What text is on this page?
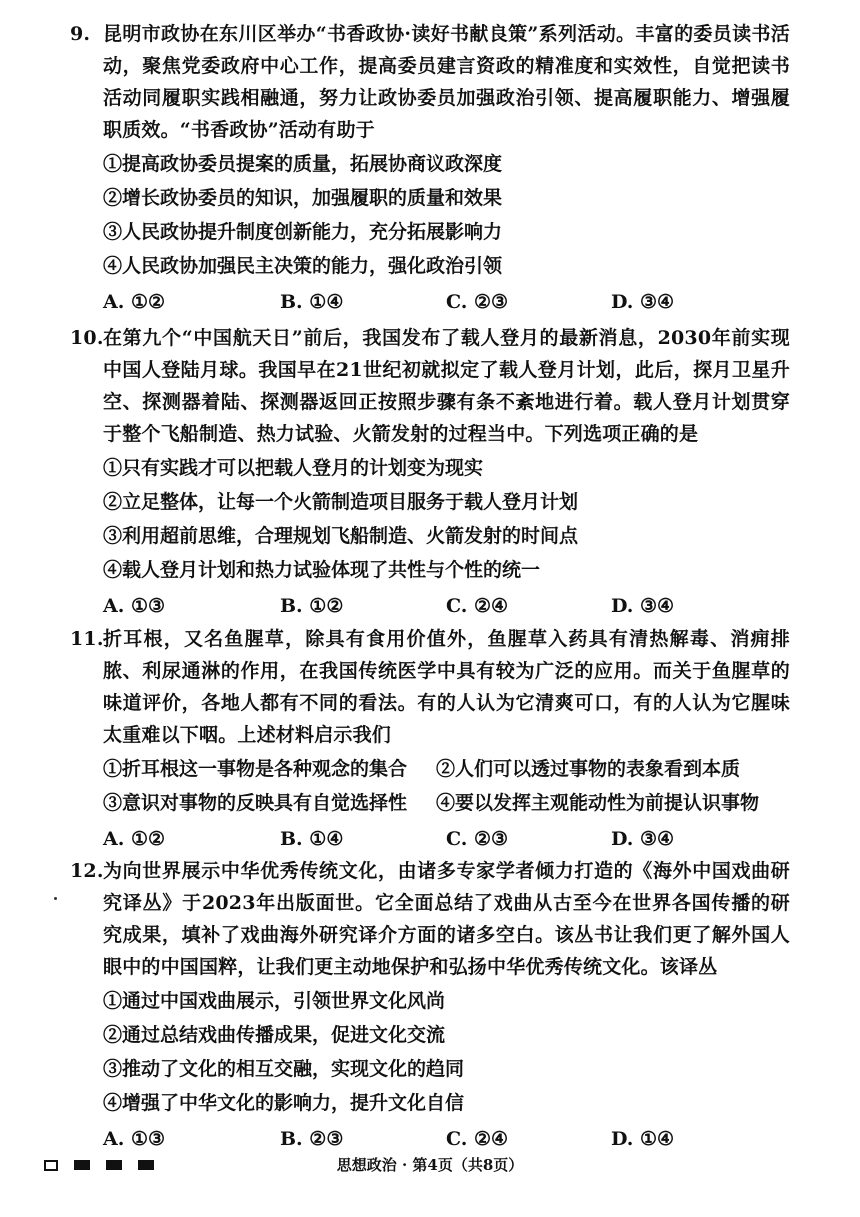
9. 昆明市政协在东川区举办“书香政协·读好书献良策”系列活动。丰富的委员读书活动，聚焦党委政府中心工作，提高委员建言资政的精准度和实效性，自觉把读书活动同履职实践相融通，努力让政协委员加强政治引领、提高履职能力、增强履职质效。“书香政协”活动有助于
①提高政协委员提案的质量，拓展协商议政深度
②增长政协委员的知识，加强履职的质量和效果
③人民政协提升制度创新能力，充分拓展影响力
④人民政协加强民主决策的能力，强化政治引领
A. ①②	B. ①④	C. ②③	D. ③④
10. 在第九个“中国航天日”前后，我国发布了载人登月的最新消息，2030年前实现中国人登陆月球。我国早在21世纪初就拟定了载人登月计划，此后，探月卫星升空、探测器着陆、探测器返回正按照步骤有条不紊地进行着。载人登月计划贯穿于整个飞船制造、热力试验、火箭发射的过程当中。下列选项正确的是
①只有实践才可以把载人登月的计划变为现实
②立足整体，让每一个火箭制造项目服务于载人登月计划
③利用超前思维，合理规划飞船制造、火箭发射的时间点
④载人登月计划和热力试验体现了共性与个性的统一
A. ①③	B. ①②	C. ②④	D. ③④
11. 折耳根，又名鱼腥草，除具有食用价值外，鱼腥草入药具有清热解毒、消痈排脓、利尿通淋的作用，在我国传统医学中具有较为广泛的应用。而关于鱼腥草的味道评价，各地人都有不同的看法。有的人认为它清爽可口，有的人认为它腥味太重难以下咽。上述材料启示我们
①折耳根这一事物是各种观念的集合 ②人们可以透过事物的表象看到本质
③意识对事物的反映具有自觉选择性 ④要以发挥主观能动性为前提认识事物
A. ①②	B. ①④	C. ②③	D. ③④
12. 为向世界展示中华优秀传统文化，由诸多专家学者倾力打造的《海外中国戏曲研究译丛》于2023年出版面世。它全面总结了戏曲从古至今在世界各国传播的研究成果，填补了戏曲海外研究译介方面的诸多空白。该丛书让我们更了解外国人眼中的中国国粹，让我们更主动地保护和弘扬中华优秀传统文化。该译丛
①通过中国戏曲展示，引领世界文化风尚
②通过总结戏曲传播成果，促进文化交流
③推动了文化的相互交融，实现文化的趋同
④增强了中华文化的影响力，提升文化自信
A. ①③	B. ②③	C. ②④	D. ①④
思想政治 · 第4页（共8页）
